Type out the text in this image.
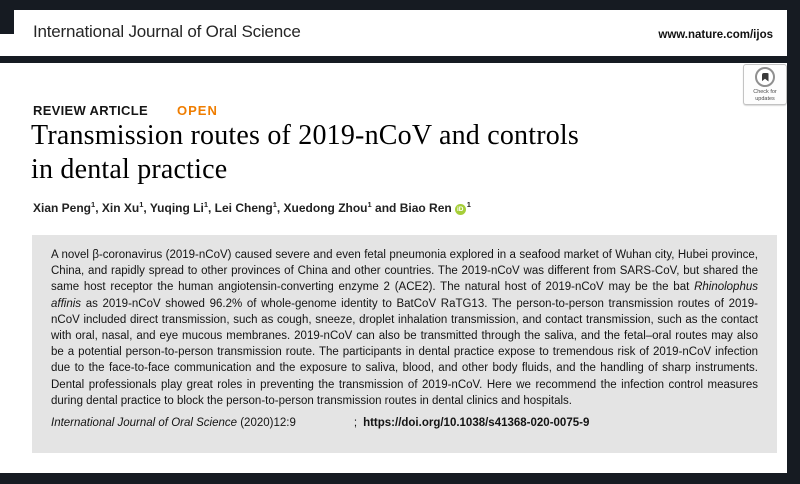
International Journal of Oral Science	www.nature.com/ijos
Check for
updates
REVIEW ARTICLE OPEN
Transmission routes of 2019-nCoV and controls
in dental practice
Xian Peng$^1$, Xin Xu$^1$, Yuqing Li$^1$, Lei Cheng$^1$, Xuedong Zhou$^1$ and Biao Ren $iD^1$

A novel β-coronavirus (2019-nCoV) caused severe and even fetal pneumonia explored in a seafood market of Wuhan city, Hubei province, China, and rapidly spread to other provinces of China and other countries. The 2019-nCoV was different from SARS-CoV, but shared the same host receptor the human angiotensin-converting enzyme 2 (ACE2). The natural host of 2019-nCoV may be the bat Rhinolophus affinis as 2019-nCoV showed 96.2% of whole-genome identity to BatCoV RaTG13. The person-to-person transmission routes of 2019-nCoV included direct transmission, such as cough, sneeze, droplet inhalation transmission, and contact transmission, such as the contact with oral, nasal, and eye mucous membranes. 2019-nCoV can also be transmitted through the saliva, and the fetal–oral routes may also be a potential person-to-person transmission route. The participants in dental practice expose to tremendous risk of 2019-nCoV infection due to the face-to-face communication and the exposure to saliva, blood, and other body fluids, and the handling of sharp instruments. Dental professionals play great roles in preventing the transmission of 2019-nCoV. Here we recommend the infection control measures during dental practice to block the person-to-person transmission routes in dental clinics and hospitals.

International Journal of Oral Science (2020)12:9	; https://doi.org/10.1038/s41368-020-0075-9
